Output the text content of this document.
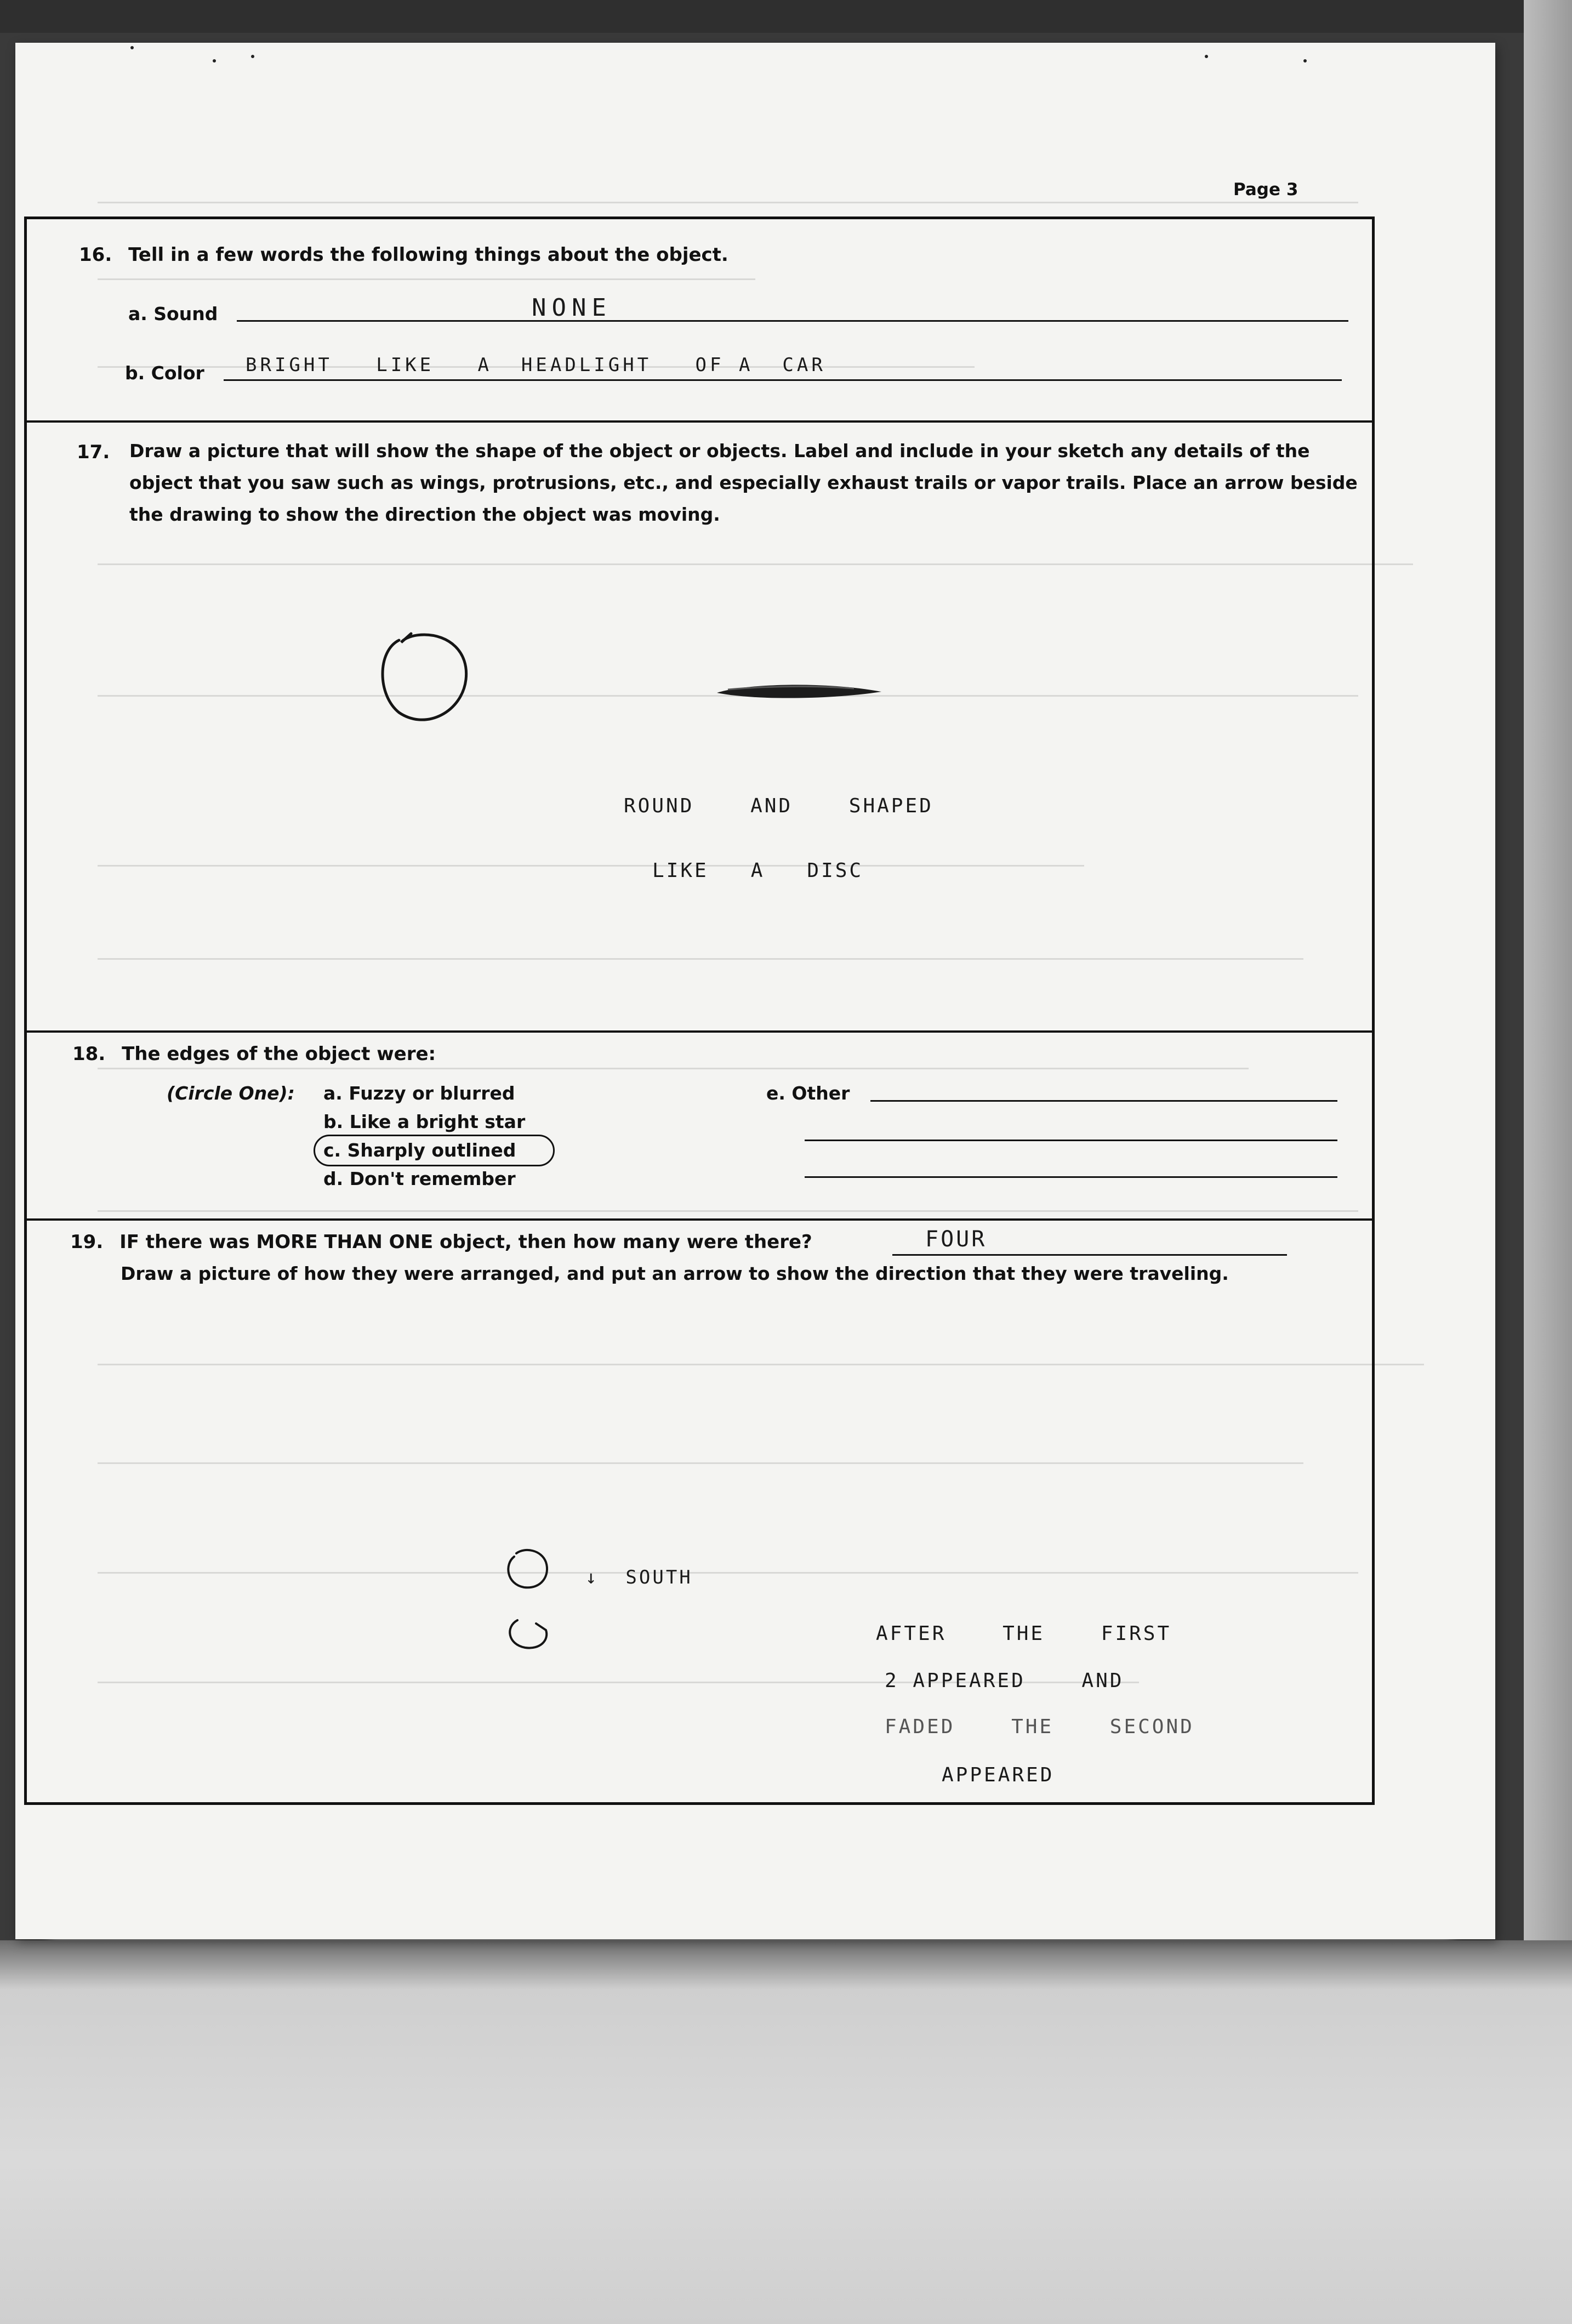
Page 3
16. Tell in a few words the following things about the object.
a. Sound	NONE
b. Color BRIGHT   LIKE   A  HEADLIGHT   OF A  CAR
17. Draw a picture that will show the shape of the object or objects. Label and include in your sketch any details of the object that you saw such as wings, protrusions, etc., and especially exhaust trails or vapor trails. Place an arrow beside the drawing to show the direction the object was moving.
ROUND    AND    SHAPED
LIKE   A   DISC
18. The edges of the object were:
(Circle One): a. Fuzzy or blurred
b. Like a bright star
c. Sharply outlined
d. Don't remember
e. Other
19. IF there was MORE THAN ONE object, then how many were there?	FOUR
Draw a picture of how they were arranged, and put an arrow to show the direction that they were traveling.
↓  SOUTH
AFTER    THE    FIRST
2 APPEARED    AND
FADED    THE    SECOND
APPEARED
